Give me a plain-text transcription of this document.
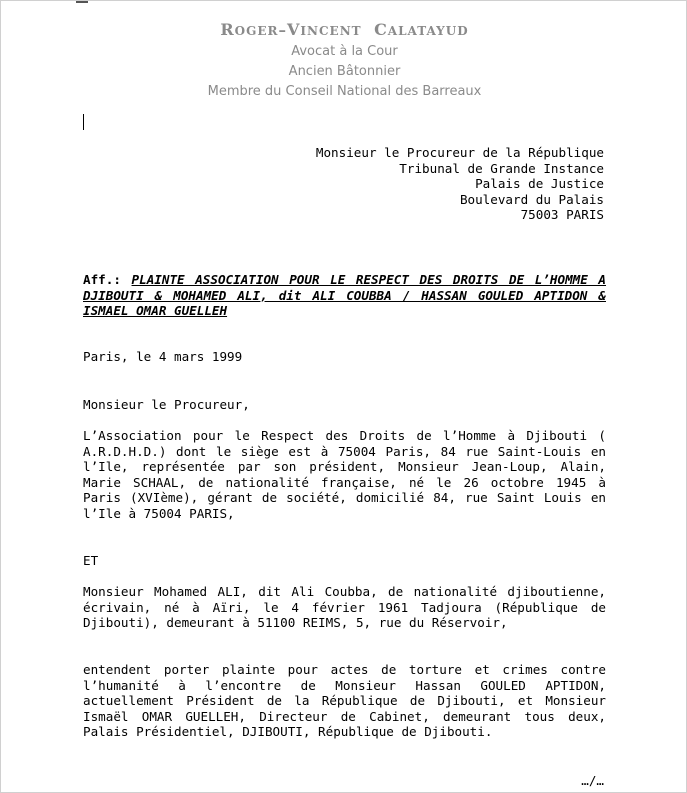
ROGER–VINCENT CALATAYUD
Avocat à la Cour
Ancien Bâtonnier
Membre du Conseil National des Barreaux
Monsieur le Procureur de la République
Tribunal de Grande Instance
Palais de Justice
Boulevard du Palais
75003 PARIS
Aff.: PLAINTE ASSOCIATION POUR LE RESPECT DES DROITS DE L’HOMME A DJIBOUTI & MOHAMED ALI, dit ALI COUBBA / HASSAN GOULED APTIDON & ISMAEL OMAR GUELLEH
Paris, le 4 mars 1999
Monsieur le Procureur,
L’Association pour le Respect des Droits de l’Homme à Djibouti ( A.R.D.H.D.) dont le siège est à 75004 Paris, 84 rue Saint-Louis en l’Ile, représentée par son président, Monsieur Jean-Loup, Alain, Marie SCHAAL, de nationalité française, né le 26 octobre 1945 à Paris (XVIème), gérant de société, domicilié 84, rue Saint Louis en l’Ile à 75004 PARIS,
ET
Monsieur Mohamed ALI, dit Ali Coubba, de nationalité djiboutienne, écrivain, né à Aïri, le 4 février 1961 Tadjoura (République de Djibouti), demeurant à 51100 REIMS, 5, rue du Réservoir,
entendent porter plainte pour actes de torture et crimes contre l’humanité à l’encontre de Monsieur Hassan GOULED APTIDON, actuellement Président de la République de Djibouti, et Monsieur Ismaël OMAR GUELLEH, Directeur de Cabinet, demeurant tous deux, Palais Présidentiel, DJIBOUTI, République de Djibouti.
…/…
